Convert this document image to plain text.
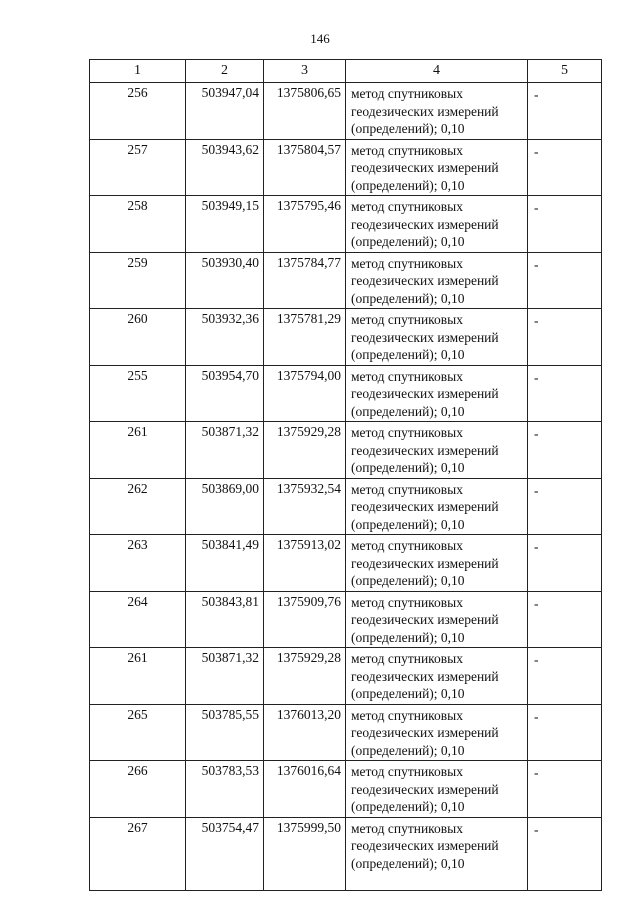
146
1	2	3	4	5
256	503947,04	1375806,65	метод спутниковых
геодезических измерений
(определений); 0,10	-
257	503943,62	1375804,57	метод спутниковых
геодезических измерений
(определений); 0,10	-
258	503949,15	1375795,46	метод спутниковых
геодезических измерений
(определений); 0,10	-
259	503930,40	1375784,77	метод спутниковых
геодезических измерений
(определений); 0,10	-
260	503932,36	1375781,29	метод спутниковых
геодезических измерений
(определений); 0,10	-
255	503954,70	1375794,00	метод спутниковых
геодезических измерений
(определений); 0,10	-
261	503871,32	1375929,28	метод спутниковых
геодезических измерений
(определений); 0,10	-
262	503869,00	1375932,54	метод спутниковых
геодезических измерений
(определений); 0,10	-
263	503841,49	1375913,02	метод спутниковых
геодезических измерений
(определений); 0,10	-
264	503843,81	1375909,76	метод спутниковых
геодезических измерений
(определений); 0,10	-
261	503871,32	1375929,28	метод спутниковых
геодезических измерений
(определений); 0,10	-
265	503785,55	1376013,20	метод спутниковых
геодезических измерений
(определений); 0,10	-
266	503783,53	1376016,64	метод спутниковых
геодезических измерений
(определений); 0,10	-
267	503754,47	1375999,50	метод спутниковых
геодезических измерений
(определений); 0,10	-
